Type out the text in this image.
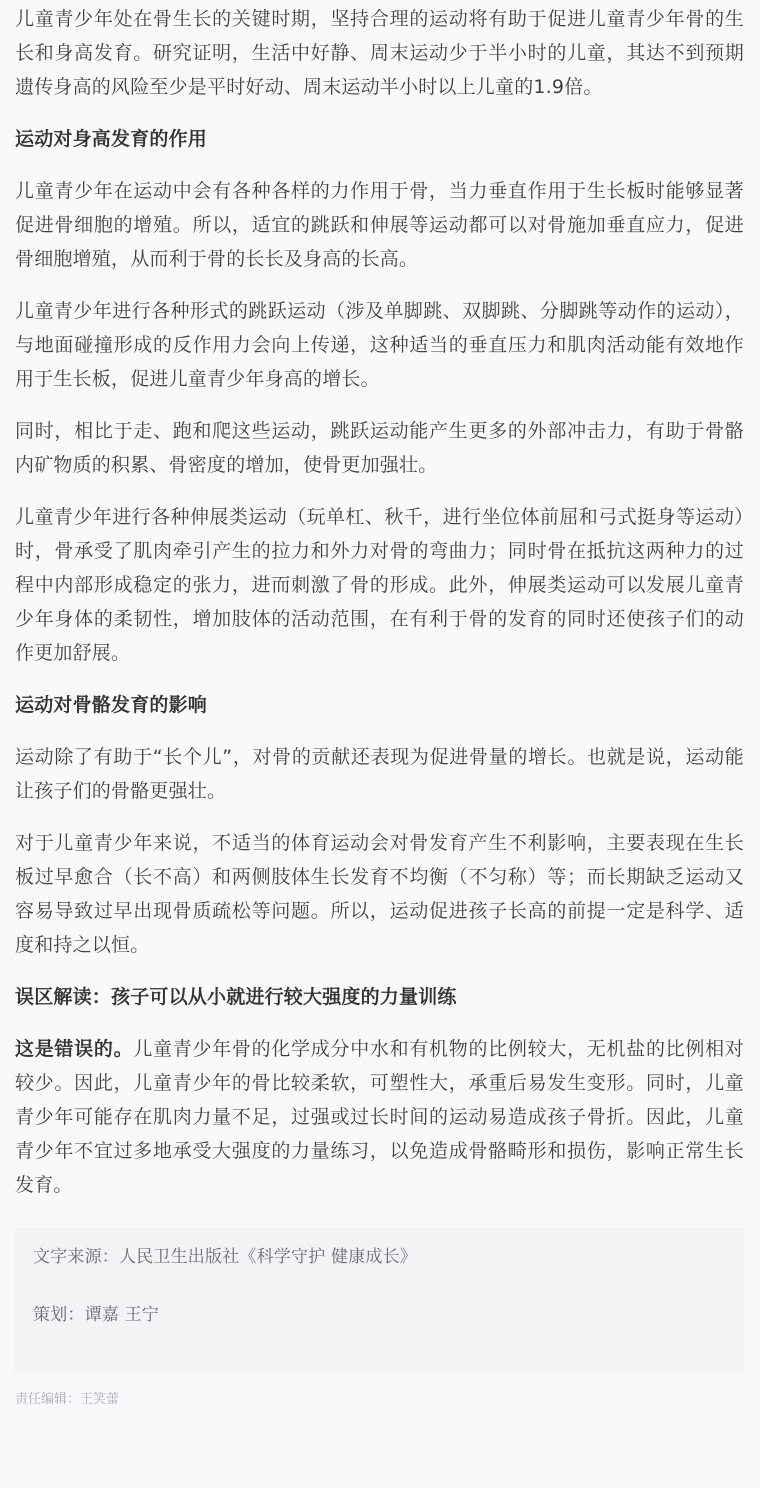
儿童青少年处在骨生长的关键时期，坚持合理的运动将有助于促进儿童青少年骨的生长和身高发育。研究证明，生活中好静、周末运动少于半小时的儿童，其达不到预期遗传身高的风险至少是平时好动、周末运动半小时以上儿童的1.9倍。

运动对身高发育的作用

儿童青少年在运动中会有各种各样的力作用于骨，当力垂直作用于生长板时能够显著促进骨细胞的增殖。所以，适宜的跳跃和伸展等运动都可以对骨施加垂直应力，促进骨细胞增殖，从而利于骨的长长及身高的长高。

儿童青少年进行各种形式的跳跃运动（涉及单脚跳、双脚跳、分脚跳等动作的运动），与地面碰撞形成的反作用力会向上传递，这种适当的垂直压力和肌肉活动能有效地作用于生长板，促进儿童青少年身高的增长。

同时，相比于走、跑和爬这些运动，跳跃运动能产生更多的外部冲击力，有助于骨骼内矿物质的积累、骨密度的增加，使骨更加强壮。

儿童青少年进行各种伸展类运动（玩单杠、秋千，进行坐位体前屈和弓式挺身等运动）时，骨承受了肌肉牵引产生的拉力和外力对骨的弯曲力；同时骨在抵抗这两种力的过程中内部形成稳定的张力，进而刺激了骨的形成。此外，伸展类运动可以发展儿童青少年身体的柔韧性，增加肢体的活动范围，在有利于骨的发育的同时还使孩子们的动作更加舒展。

运动对骨骼发育的影响

运动除了有助于“长个儿”，对骨的贡献还表现为促进骨量的增长。也就是说，运动能让孩子们的骨骼更强壮。

对于儿童青少年来说，不适当的体育运动会对骨发育产生不利影响，主要表现在生长板过早愈合（长不高）和两侧肢体生长发育不均衡（不匀称）等；而长期缺乏运动又容易导致过早出现骨质疏松等问题。所以，运动促进孩子长高的前提一定是科学、适度和持之以恒。

误区解读：孩子可以从小就进行较大强度的力量训练

这是错误的。儿童青少年骨的化学成分中水和有机物的比例较大，无机盐的比例相对较少。因此，儿童青少年的骨比较柔软，可塑性大，承重后易发生变形。同时，儿童青少年可能存在肌肉力量不足，过强或过长时间的运动易造成孩子骨折。因此，儿童青少年不宜过多地承受大强度的力量练习，以免造成骨骼畸形和损伤，影响正常生长发育。

文字来源：人民卫生出版社《科学守护 健康成长》

策划：谭嘉 王宁

责任编辑：王笑蕾
